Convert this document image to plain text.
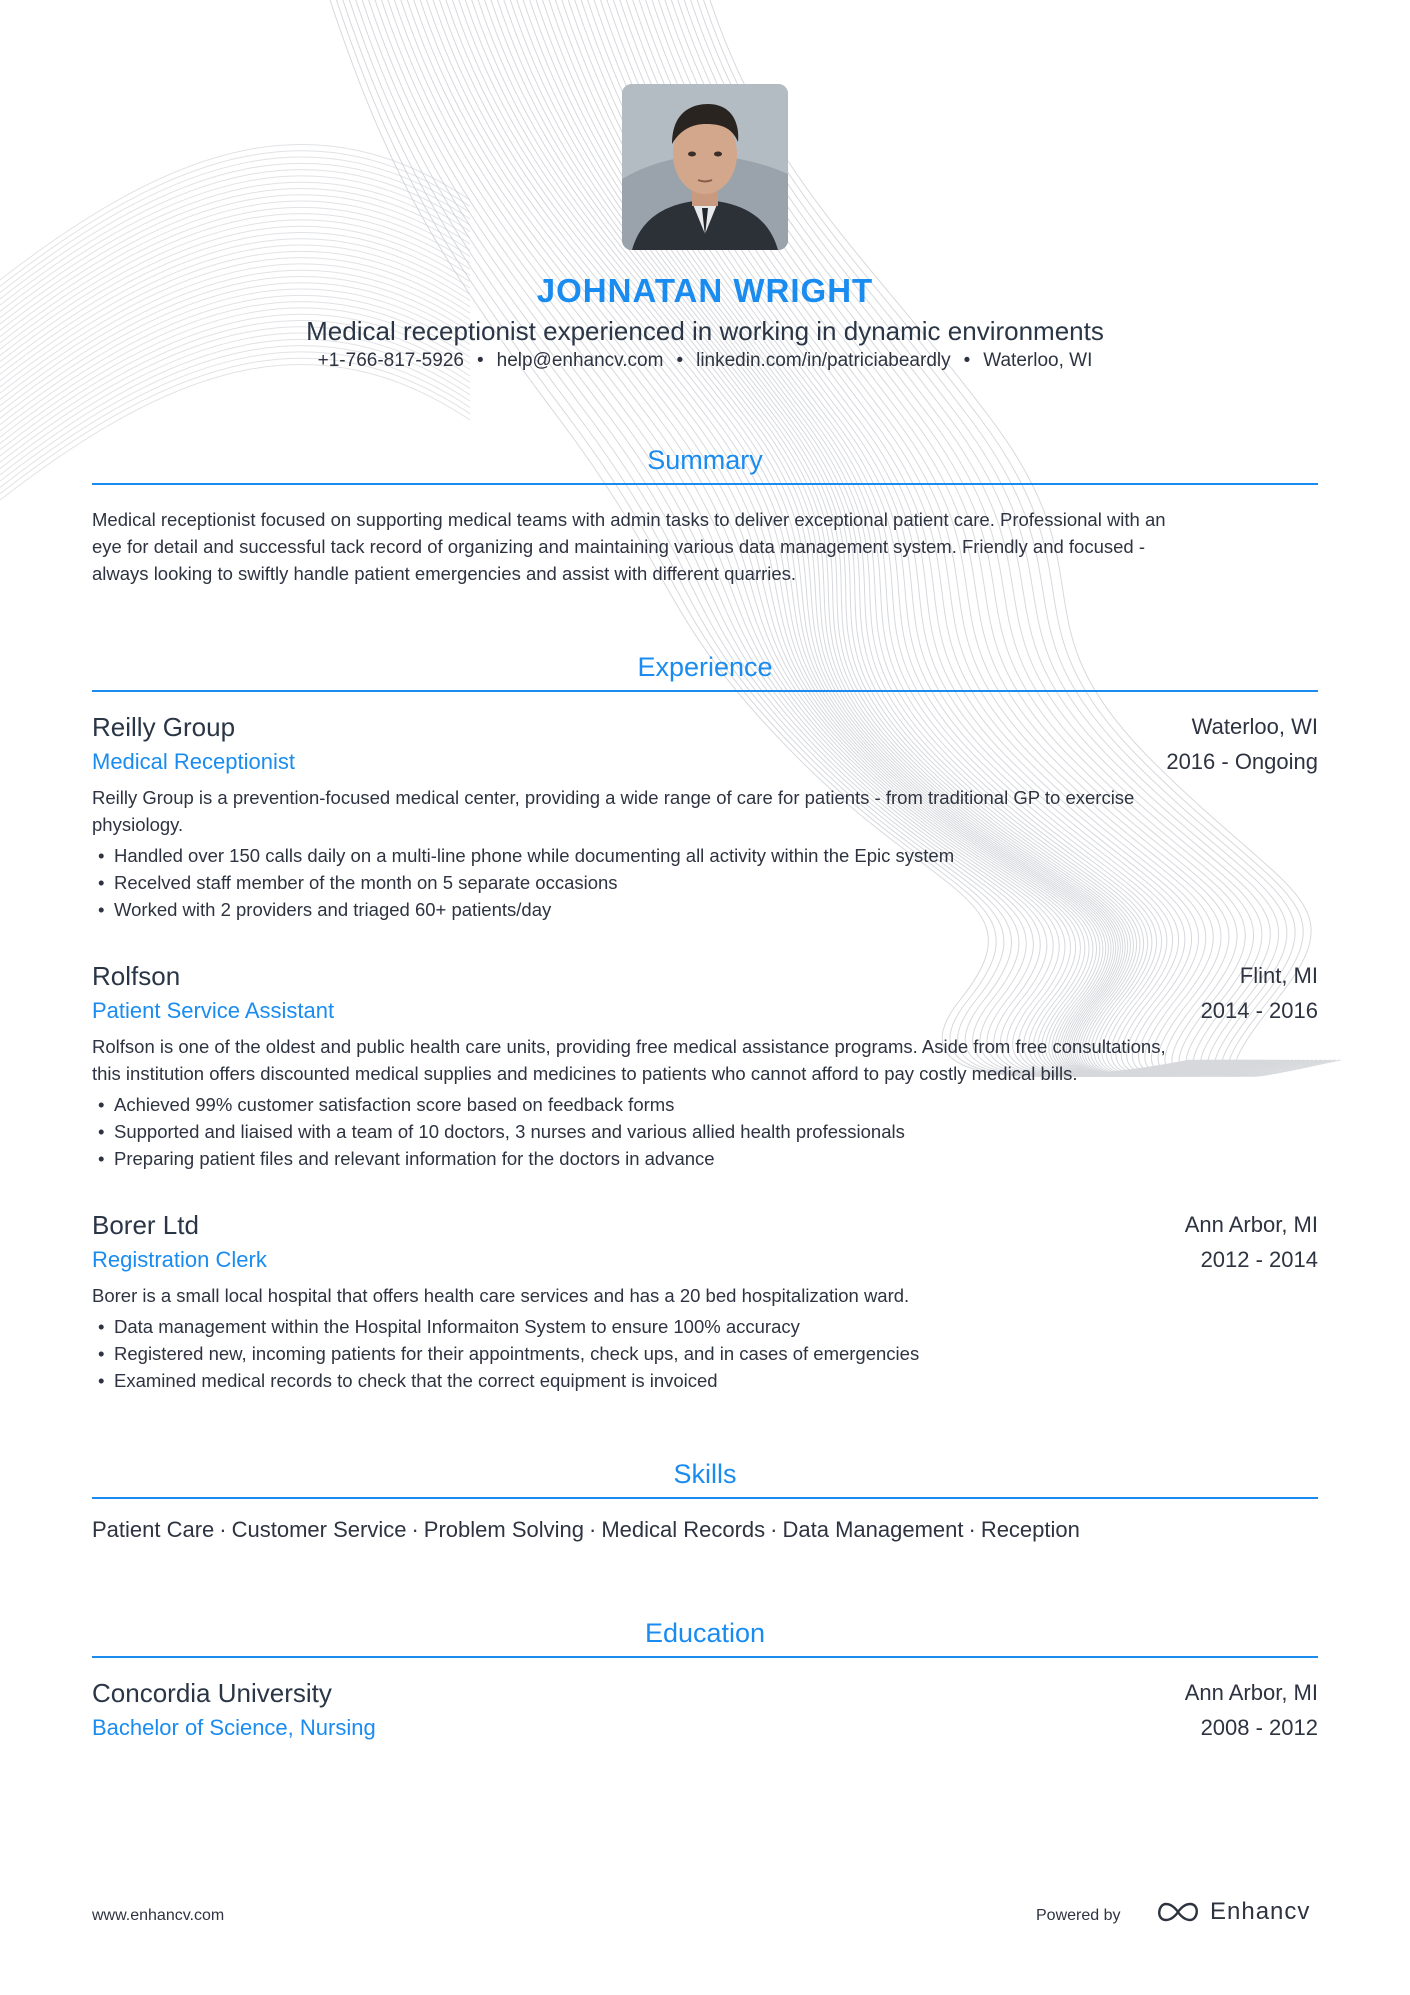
JOHNATAN WRIGHT
Medical receptionist experienced in working in dynamic environments
+1-766-817-5926 • help@enhancv.com • linkedin.com/in/patriciabeardly • Waterloo, WI
Summary
Medical receptionist focused on supporting medical teams with admin tasks to deliver exceptional patient care. Professional with an
eye for detail and successful tack record of organizing and maintaining various data management system. Friendly and focused -
always looking to swiftly handle patient emergencies and assist with different quarries.
Experience
Reilly Group	Waterloo, WI
Medical Receptionist	2016 - Ongoing
Reilly Group is a prevention-focused medical center, providing a wide range of care for patients - from traditional GP to exercise
physiology.
• Handled over 150 calls daily on a multi-line phone while documenting all activity within the Epic system
• Recelved staff member of the month on 5 separate occasions
• Worked with 2 providers and triaged 60+ patients/day
Rolfson	Flint, MI
Patient Service Assistant	2014 - 2016
Rolfson is one of the oldest and public health care units, providing free medical assistance programs. Aside from free consultations,
this institution offers discounted medical supplies and medicines to patients who cannot afford to pay costly medical bills.
• Achieved 99% customer satisfaction score based on feedback forms
• Supported and liaised with a team of 10 doctors, 3 nurses and various allied health professionals
• Preparing patient files and relevant information for the doctors in advance
Borer Ltd	Ann Arbor, MI
Registration Clerk	2012 - 2014
Borer is a small local hospital that offers health care services and has a 20 bed hospitalization ward.
• Data management within the Hospital Informaiton System to ensure 100% accuracy
• Registered new, incoming patients for their appointments, check ups, and in cases of emergencies
• Examined medical records to check that the correct equipment is invoiced
Skills
Patient Care · Customer Service · Problem Solving · Medical Records · Data Management · Reception
Education
Concordia University	Ann Arbor, MI
Bachelor of Science, Nursing	2008 - 2012
www.enhancv.com	Powered by	Enhancv
